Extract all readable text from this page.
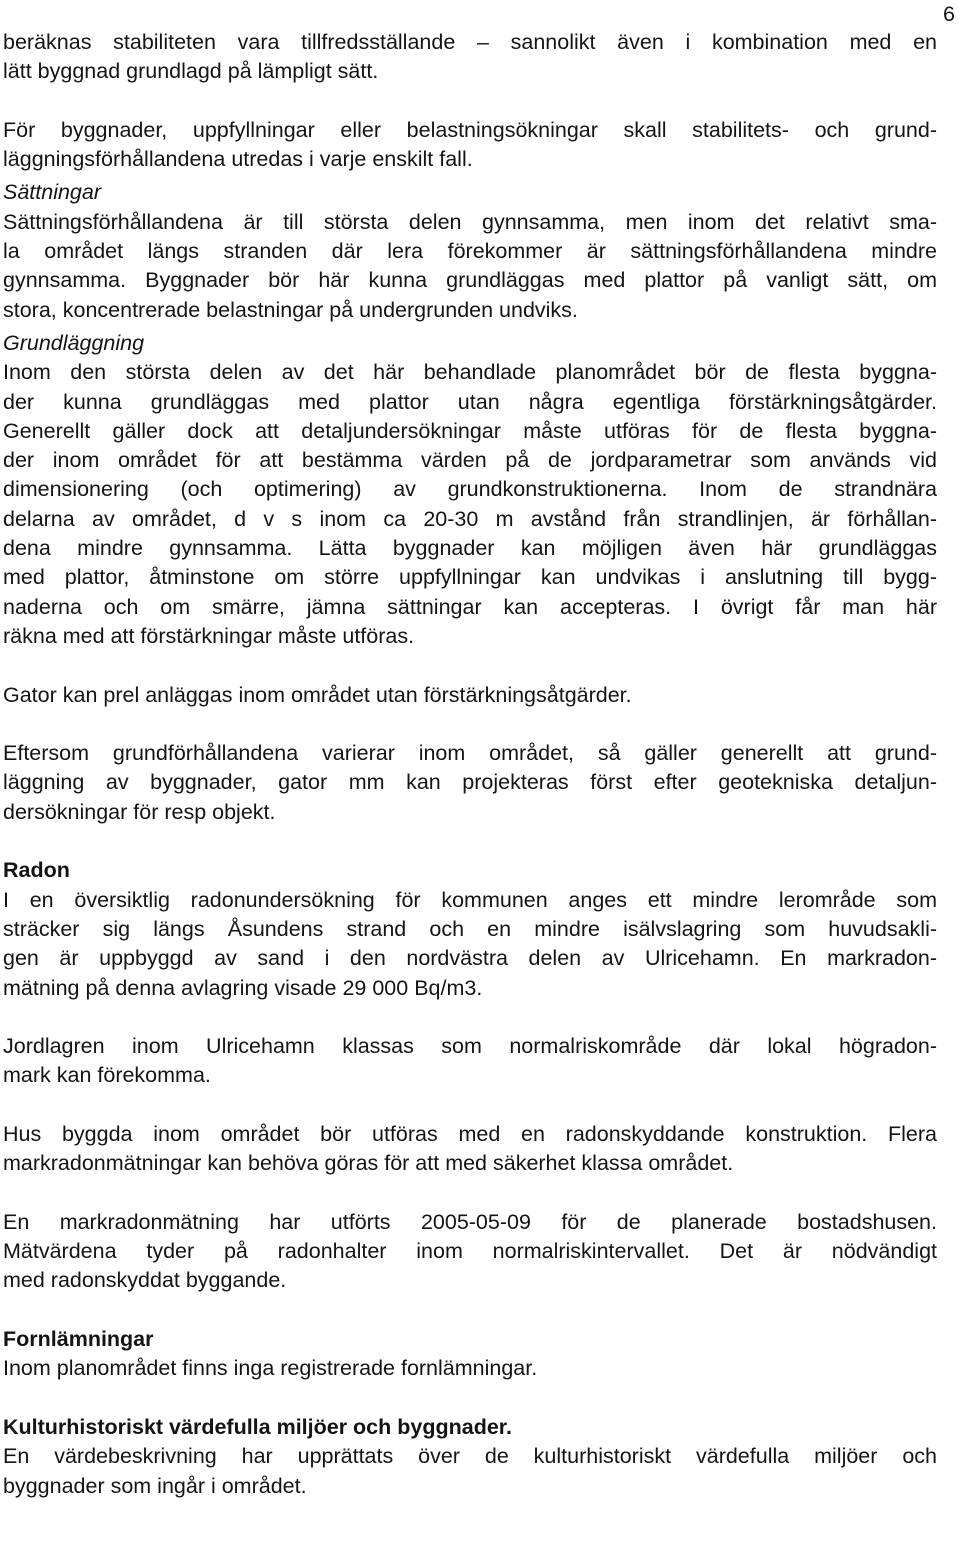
6
beräknas stabiliteten vara tillfredsställande – sannolikt även i kombination med en
lätt byggnad grundlagd på lämpligt sätt.
För byggnader, uppfyllningar eller belastningsökningar skall stabilitets- och grund-
läggningsförhållandena utredas i varje enskilt fall.
Sättningar
Sättningsförhållandena är till största delen gynnsamma, men inom det relativt sma-
la området längs stranden där lera förekommer är sättningsförhållandena mindre
gynnsamma. Byggnader bör här kunna grundläggas med plattor på vanligt sätt, om
stora, koncentrerade belastningar på undergrunden undviks.
Grundläggning
Inom den största delen av det här behandlade planområdet bör de flesta byggna-
der kunna grundläggas med plattor utan några egentliga förstärkningsåtgärder.
Generellt gäller dock att detaljundersökningar måste utföras för de flesta byggna-
der inom området för att bestämma värden på de jordparametrar som används vid
dimensionering (och optimering) av grundkonstruktionerna. Inom de strandnära
delarna av området, d v s inom ca 20-30 m avstånd från strandlinjen, är förhållan-
dena mindre gynnsamma. Lätta byggnader kan möjligen även här grundläggas
med plattor, åtminstone om större uppfyllningar kan undvikas i anslutning till bygg-
naderna och om smärre, jämna sättningar kan accepteras. I övrigt får man här
räkna med att förstärkningar måste utföras.
Gator kan prel anläggas inom området utan förstärkningsåtgärder.
Eftersom grundförhållandena varierar inom området, så gäller generellt att grund-
läggning av byggnader, gator mm kan projekteras först efter geotekniska detaljun-
dersökningar för resp objekt.
Radon
I en översiktlig radonundersökning för kommunen anges ett mindre lerområde som
sträcker sig längs Åsundens strand och en mindre isälvslagring som huvudsakli-
gen är uppbyggd av sand i den nordvästra delen av Ulricehamn. En markradon-
mätning på denna avlagring visade 29 000 Bq/m3.
Jordlagren inom Ulricehamn klassas som normalriskområde där lokal högradon-
mark kan förekomma.
Hus byggda inom området bör utföras med en radonskyddande konstruktion. Flera
markradonmätningar kan behöva göras för att med säkerhet klassa området.
En markradonmätning har utförts 2005-05-09 för de planerade bostadshusen.
Mätvärdena tyder på radonhalter inom normalriskintervallet. Det är nödvändigt
med radonskyddat byggande.
Fornlämningar
Inom planområdet finns inga registrerade fornlämningar.
Kulturhistoriskt värdefulla miljöer och byggnader.
En värdebeskrivning har upprättats över de kulturhistoriskt värdefulla miljöer och
byggnader som ingår i området.
